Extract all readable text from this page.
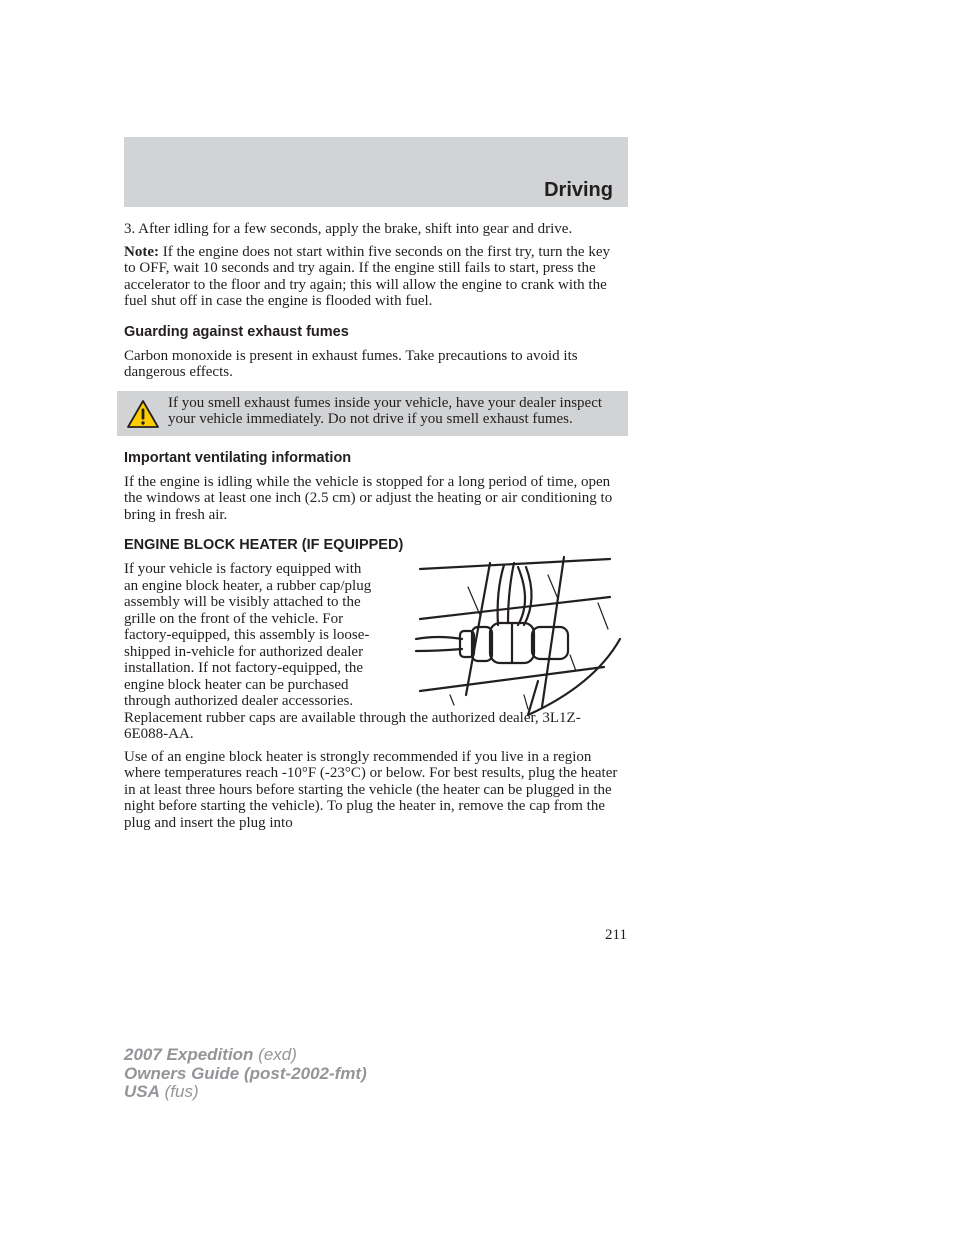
Driving

3. After idling for a few seconds, apply the brake, shift into gear and drive.

Note: If the engine does not start within five seconds on the first try, turn the key to OFF, wait 10 seconds and try again. If the engine still fails to start, press the accelerator to the floor and try again; this will allow the engine to crank with the fuel shut off in case the engine is flooded with fuel.

Guarding against exhaust fumes

Carbon monoxide is present in exhaust fumes. Take precautions to avoid its dangerous effects.

If you smell exhaust fumes inside your vehicle, have your dealer inspect your vehicle immediately. Do not drive if you smell exhaust fumes.
Important ventilating information

If the engine is idling while the vehicle is stopped for a long period of time, open the windows at least one inch (2.5 cm) or adjust the heating or air conditioning to bring in fresh air.

ENGINE BLOCK HEATER (IF EQUIPPED)
If your vehicle is factory equipped with an engine block heater, a rubber cap/plug assembly will be visibly attached to the grille on the front of the vehicle. For factory-equipped, this assembly is loose-shipped in-vehicle for authorized dealer installation. If not factory-equipped, the engine block heater can be purchased through authorized dealer accessories.

Replacement rubber caps are available through the authorized dealer, 3L1Z-6E088-AA.

Use of an engine block heater is strongly recommended if you live in a region where temperatures reach -10°F (-23°C) or below. For best results, plug the heater in at least three hours before starting the vehicle (the heater can be plugged in the night before starting the vehicle). To plug the heater in, remove the cap from the plug and insert the plug into

211
2007 Expedition (exd)
Owners Guide (post-2002-fmt)
USA (fus)
